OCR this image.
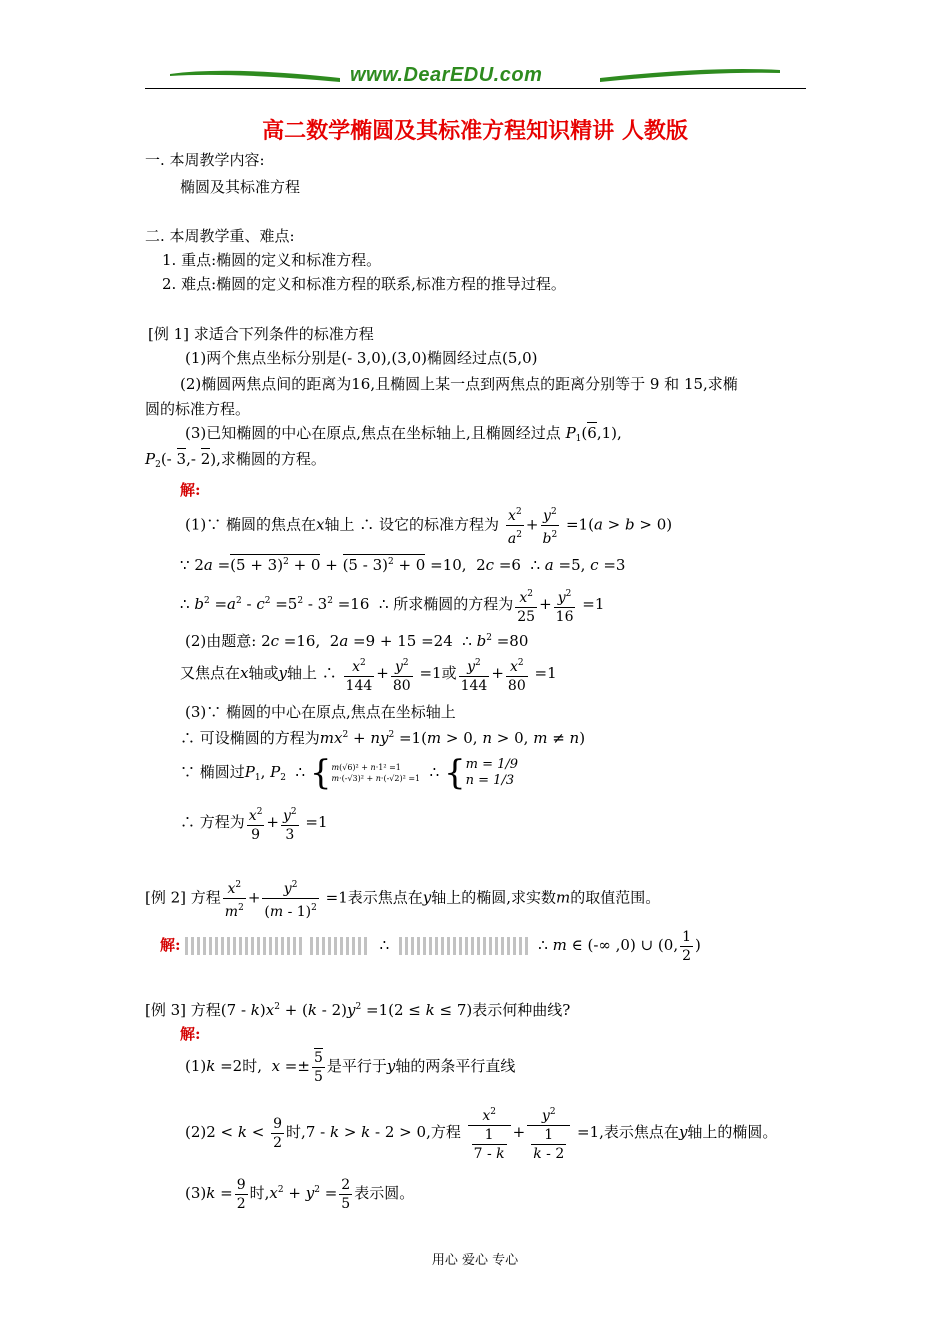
www.DearEDU.com
高二数学椭圆及其标准方程知识精讲 人教版
一. 本周教学内容:
椭圆及其标准方程
二. 本周教学重、难点:
1. 重点:椭圆的定义和标准方程。
2. 难点:椭圆的定义和标准方程的联系,标准方程的推导过程。
[例 1] 求适合下列条件的标准方程
(1)两个焦点坐标分别是(- 3,0),(3,0)椭圆经过点(5,0)
(2)椭圆两焦点间的距离为16,且椭圆上某一点到两焦点的距离分别等于 9 和 15,求椭
圆的标准方程。
(3)已知椭圆的中心在原点,焦点在坐标轴上,且椭圆经过点 $P_1(6,1)$,
$P_2(-$ 3,- 2),求椭圆的方程。
解:
(1)∵ 椭圆的焦点在x轴上 ∴ 设它的标准方程为 $\frac{x^2}{a^2} + \frac{y^2}{b^2} =1(a > b > 0)$
∵ $2a =(5 + 3)^2 + 0 + (5 - 3)^2 + 0 =10$,  2c =6  ∴ a =5, c =3
∴ $b^2 =a^2 - c^2 =5^2 - 3^2 =16$  ∴ 所求椭圆的方程为 $\frac{x^2}{25} + \frac{y^2}{16} =1$
(2)由题意: 2c =16,  2a =9 + 15 =24  ∴ $b^2 =80$
又焦点在x轴或y轴上 ∴ $\frac{x^2}{144} + \frac{y^2}{80} =1$或 $\frac{y^2}{144} + \frac{x^2}{80} =1$
(3)∵ 椭圆的中心在原点,焦点在坐标轴上
∴ 可设椭圆的方程为$mx^2 + ny^2 =1(m > 0$, n > 0, m ≠ n)
∵ 椭圆过$P_1$, $P_2$ ∴ {m(√6)² + n·1² =1
m·(-√3)² + n·(-√2)² =1  ∴ {m = 1/9
n = 1/3
∴ 方程为 $\frac{x^2}{9} + \frac{y^2}{3} =1$
[例 2] 方程 $\frac{x^2}{m^2} + \frac{y^2}{(m - 1)^2} =1$表示焦点在y轴上的椭圆,求实数m的取值范围。
解:	∴	∴ m ∈ (-∞ ,0) ∪ (0, $\frac{1}{2}$ )
[例 3] 方程$(7 - k)x^2 + (k - 2)y^2 =1(2 \le k \le 7)$表示何种曲线?
解:
(1)k =2时, $x =\pm \frac{5}{5}$ 是平行于y轴的两条平行直线
$(2)2 < k < \frac{9}{2}$ 时,7 - k > k - 2 > 0,方程 $\frac{x^2}{\frac{1}{7 - k}} + \frac{y^2}{\frac{1}{k - 2}} =1$,表示焦点在y轴上的椭圆。
$(3)k = \frac{9}{2}$ 时$,x^2 + y^2 = \frac{2}{5}$ 表示圆。
用心 爱心 专心
